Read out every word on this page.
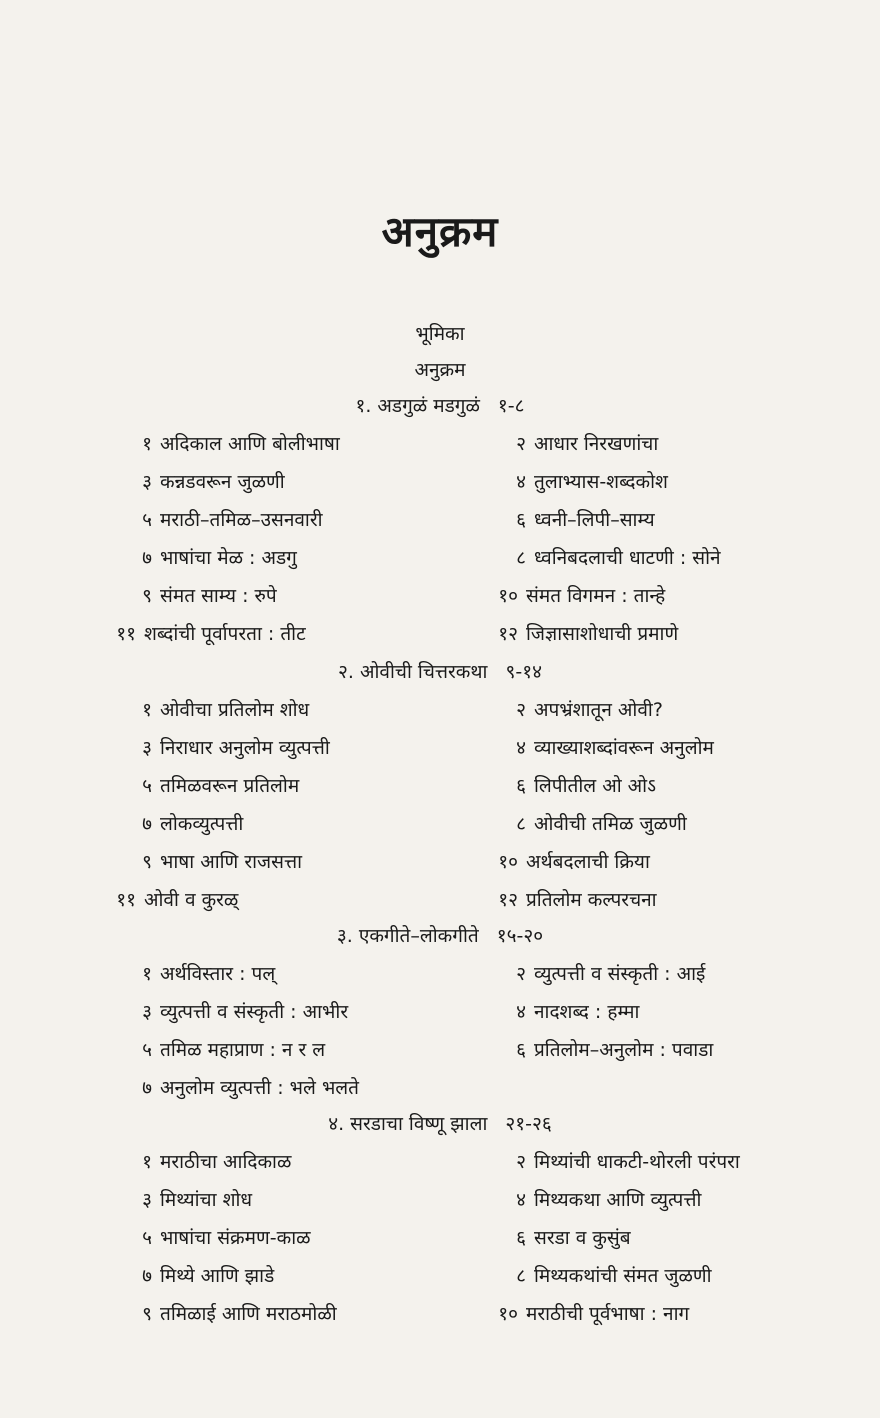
अनुक्रम
भूमिका
अनुक्रम
१. अडगुळं मडगुळं १-८
१ अदिकाल आणि बोलीभाषा	२ आधार निरखणांचा
३ कन्नडवरून जुळणी	४ तुलाभ्यास-शब्दकोश
५ मराठी–तमिळ–उसनवारी	६ ध्वनी–लिपी–साम्य
७ भाषांचा मेळ : अडगु	८ ध्वनिबदलाची धाटणी : सोने
९ संमत साम्य : रुपे	१० संमत विगमन : तान्हे
११ शब्दांची पूर्वापरता : तीट	१२ जिज्ञासाशोधाची प्रमाणे
२. ओवीची चित्तरकथा ९-१४
१ ओवीचा प्रतिलोम शोध	२ अपभ्रंशातून ओवी?
३ निराधार अनुलोम व्युत्पत्ती	४ व्याख्याशब्दांवरून अनुलोम
५ तमिळवरून प्रतिलोम	६ लिपीतील ओ ओऽ
७ लोकव्युत्पत्ती	८ ओवीची तमिळ जुळणी
९ भाषा आणि राजसत्ता	१० अर्थबदलाची क्रिया
११ ओवी व कुरळ्	१२ प्रतिलोम कल्परचना
३. एकगीते–लोकगीते १५-२०
१ अर्थविस्तार : पल्	२ व्युत्पत्ती व संस्कृती : आई
३ व्युत्पत्ती व संस्कृती : आभीर	४ नादशब्द : हम्मा
५ तमिळ महाप्राण : न र ल	६ प्रतिलोम–अनुलोम : पवाडा
७ अनुलोम व्युत्पत्ती : भले भलते
४. सरडाचा विष्णू झाला २१-२६
१ मराठीचा आदिकाळ	२ मिथ्यांची धाकटी-थोरली परंपरा
३ मिथ्यांचा शोध	४ मिथ्यकथा आणि व्युत्पत्ती
५ भाषांचा संक्रमण-काळ	६ सरडा व कुसुंब
७ मिथ्ये आणि झाडे	८ मिथ्यकथांची संमत जुळणी
९ तमिळाई आणि मराठमोळी	१० मराठीची पूर्वभाषा : नाग
